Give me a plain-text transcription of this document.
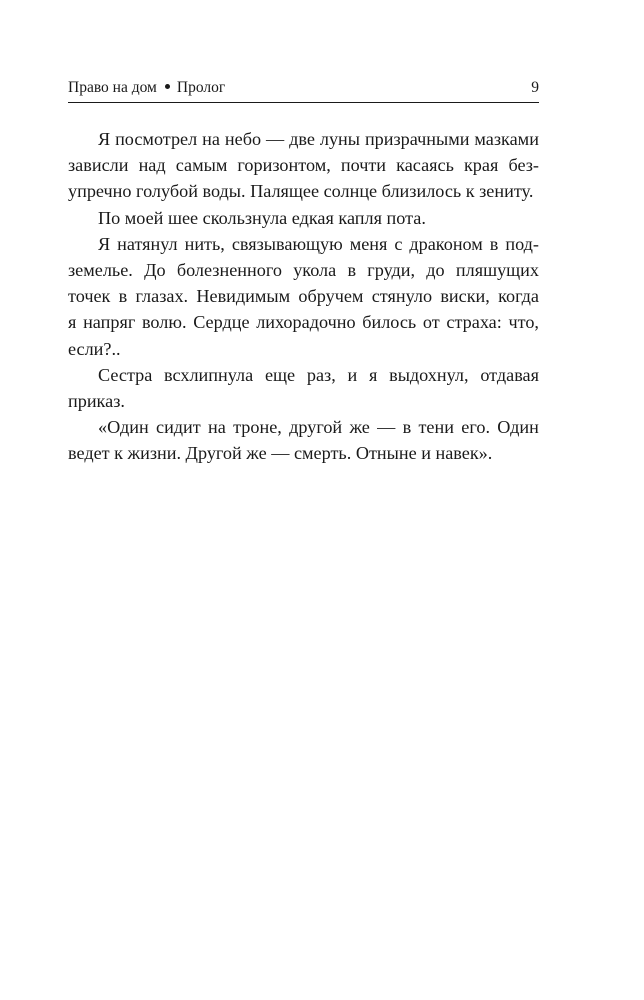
Право на дом Пролог	9
Я посмотрел на небо — две луны призрачными мазками
зависли над самым горизонтом, почти касаясь края без-
упречно голубой воды. Палящее солнце близилось к зениту.
По моей шее скользнула едкая капля пота.
Я натянул нить, связывающую меня с драконом в под-
земелье. До болезненного укола в груди, до пляшущих
точек в глазах. Невидимым обручем стянуло виски, когда
я напряг волю. Сердце лихорадочно билось от страха: что,
если?..
Сестра всхлипнула еще раз, и я выдохнул, отдавая
приказ.
«Один сидит на троне, другой же — в тени его. Один
ведет к жизни. Другой же — смерть. Отныне и навек».
